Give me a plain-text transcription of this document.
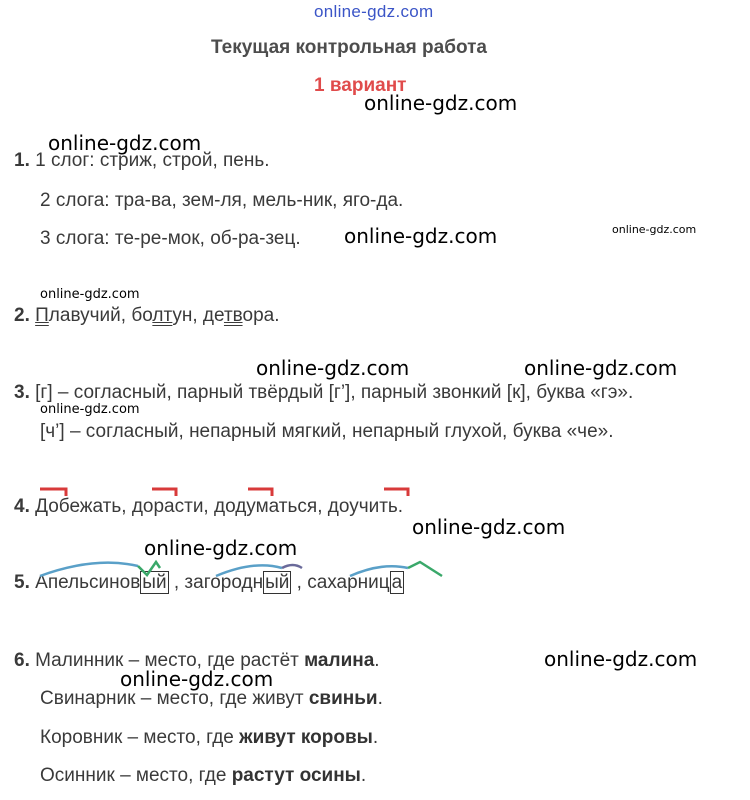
online-gdz.com
Текущая контрольная работа
1 вариант
1. 1 слог: стриж, строй, пень.
2 слога: тра-ва, зем-ля, мель-ник, яго-да.
3 слога: те-ре-мок, об-ра-зец.
2. Плавучий, болтун, детвора.
3. [г] – согласный, парный твёрдый [г’], парный звонкий [к], буква «гэ».
[ч’] – согласный, непарный мягкий, непарный глухой, буква «че».
4. Добежать, дорасти, додуматься, доучить.
5. Апельсинов ый , загородн ый , сахарниц а
6. Малинник – место, где растёт малина.
Свинарник – место, где живут свиньи.
Коровник – место, где живут коровы.
Осинник – место, где растут осины.
online-gdz.com
online-gdz.com
online-gdz.com	online-gdz.com
online-gdz.com
online-gdz.com	online-gdz.com
online-gdz.com
online-gdz.com
online-gdz.com
online-gdz.com
online-gdz.com
